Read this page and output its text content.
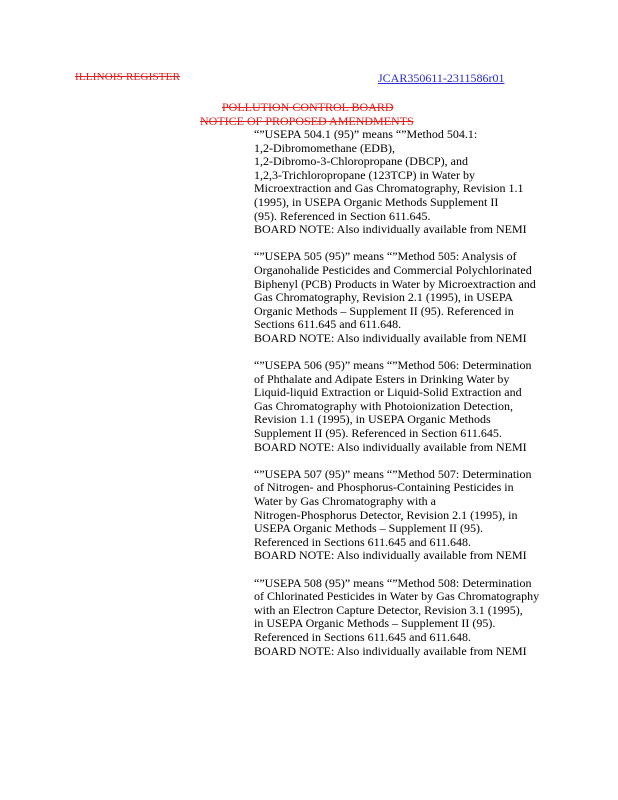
ILLINOIS REGISTER	JCAR350611-2311586r01
POLLUTION CONTROL BOARD
NOTICE OF PROPOSED AMENDMENTS
“”USEPA 504.1 (95)” means “”Method 504.1:
1,2-Dibromomethane (EDB),
1,2-Dibromo-3-Chloropropane (DBCP), and
1,2,3-Trichloropropane (123TCP) in Water by
Microextraction and Gas Chromatography, Revision 1.1
(1995), in USEPA Organic Methods Supplement II
(95). Referenced in Section 611.645.
BOARD NOTE: Also individually available from NEMI
“”USEPA 505 (95)” means “”Method 505: Analysis of
Organohalide Pesticides and Commercial Polychlorinated
Biphenyl (PCB) Products in Water by Microextraction and
Gas Chromatography, Revision 2.1 (1995), in USEPA
Organic Methods – Supplement II (95). Referenced in
Sections 611.645 and 611.648.
BOARD NOTE: Also individually available from NEMI
“”USEPA 506 (95)” means “”Method 506: Determination
of Phthalate and Adipate Esters in Drinking Water by
Liquid-liquid Extraction or Liquid-Solid Extraction and
Gas Chromatography with Photoionization Detection,
Revision 1.1 (1995), in USEPA Organic Methods
Supplement II (95). Referenced in Section 611.645.
BOARD NOTE: Also individually available from NEMI
“”USEPA 507 (95)” means “”Method 507: Determination
of Nitrogen- and Phosphorus-Containing Pesticides in
Water by Gas Chromatography with a
Nitrogen-Phosphorus Detector, Revision 2.1 (1995), in
USEPA Organic Methods – Supplement II (95).
Referenced in Sections 611.645 and 611.648.
BOARD NOTE: Also individually available from NEMI
“”USEPA 508 (95)” means “”Method 508: Determination
of Chlorinated Pesticides in Water by Gas Chromatography
with an Electron Capture Detector, Revision 3.1 (1995),
in USEPA Organic Methods – Supplement II (95).
Referenced in Sections 611.645 and 611.648.
BOARD NOTE: Also individually available from NEMI
